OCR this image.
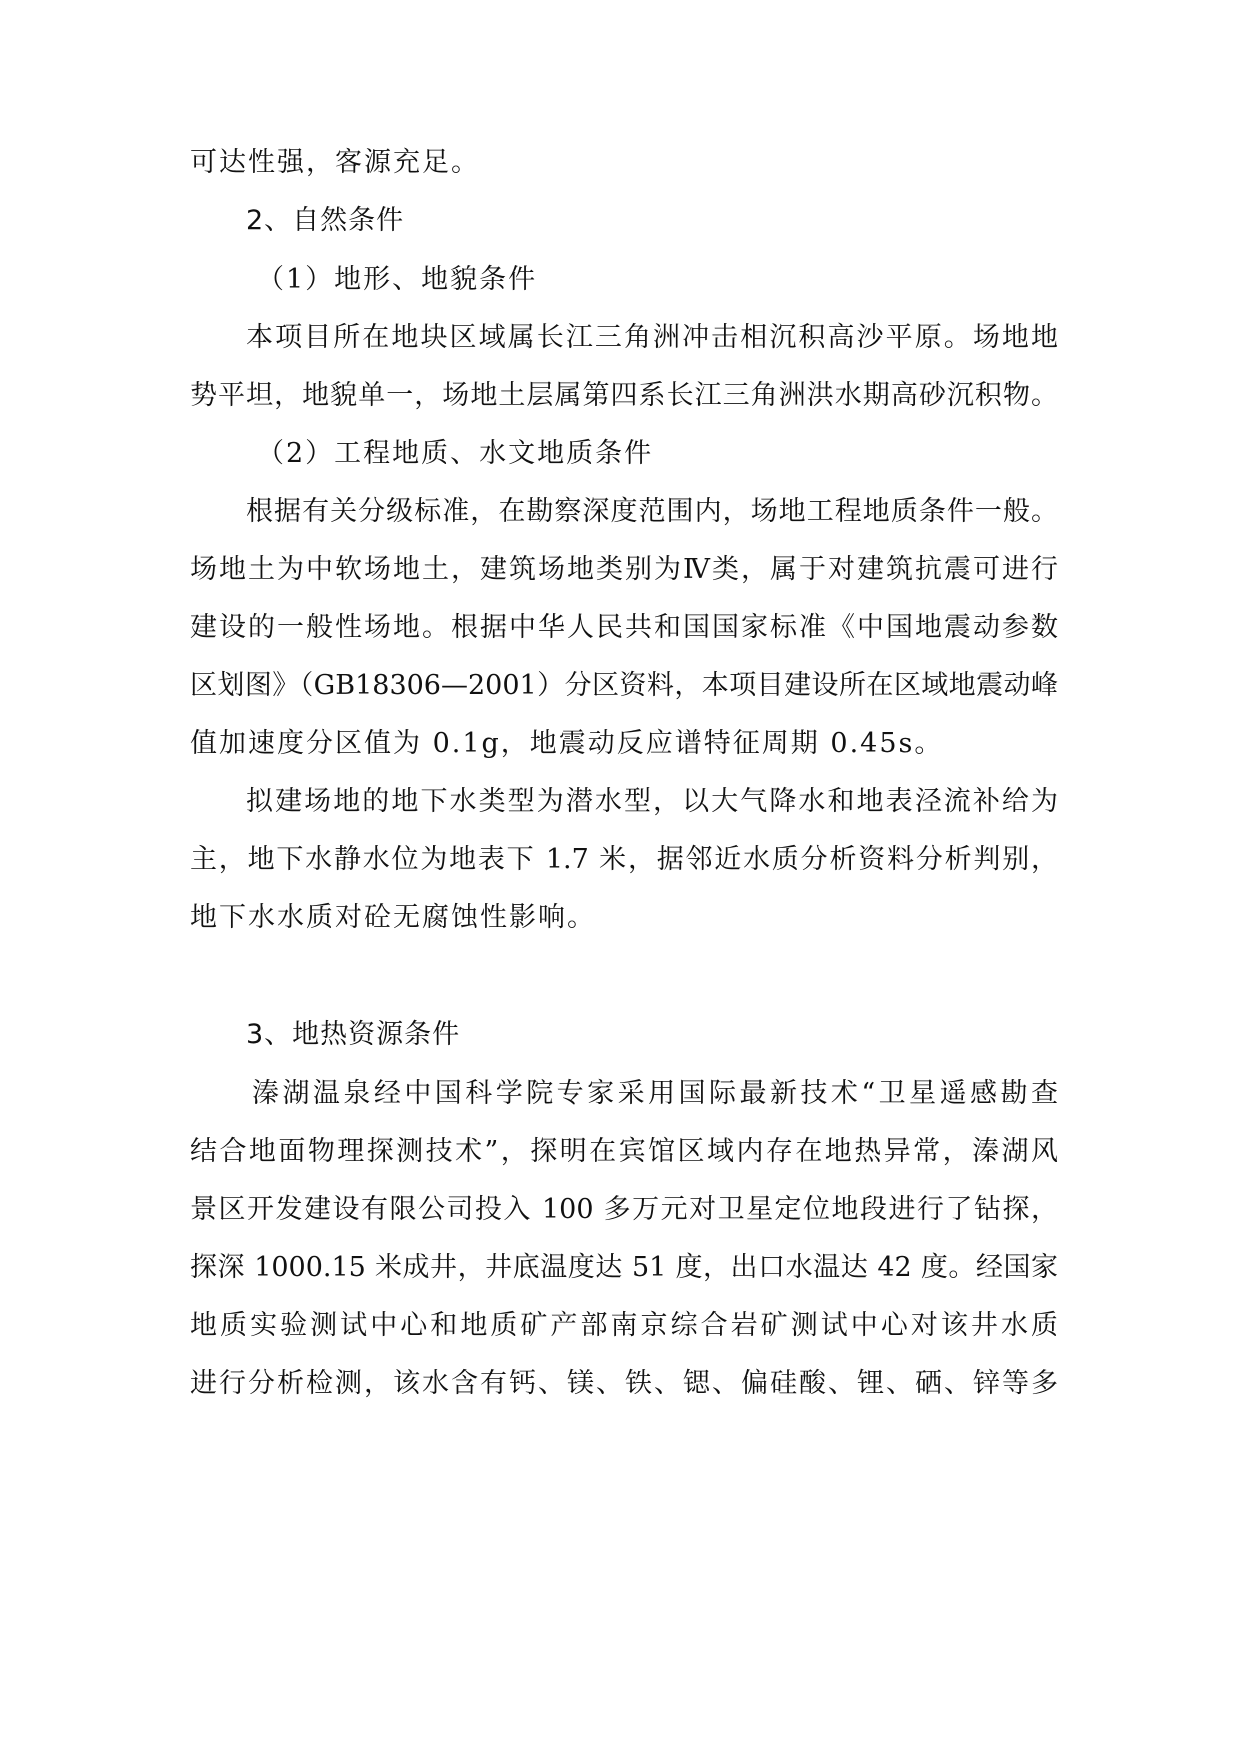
可达性强，客源充足。
2、自然条件
（1）地形、地貌条件
本项目所在地块区域属长江三角洲冲击相沉积高沙平原。场地地
势平坦，地貌单一，场地土层属第四系长江三角洲洪水期高砂沉积物。
（2）工程地质、水文地质条件
根据有关分级标准，在勘察深度范围内，场地工程地质条件一般。
场地土为中软场地土，建筑场地类别为Ⅳ类，属于对建筑抗震可进行
建设的一般性场地。根据中华人民共和国国家标准《中国地震动参数
区划图》（GB18306—2001）分区资料，本项目建设所在区域地震动峰
值加速度分区值为 0.1g，地震动反应谱特征周期 0.45s。
拟建场地的地下水类型为潜水型，以大气降水和地表泾流补给为
主，地下水静水位为地表下 1.7 米，据邻近水质分析资料分析判别，
地下水水质对砼无腐蚀性影响。
3、地热资源条件
溱湖温泉经中国科学院专家采用国际最新技术“卫星遥感勘查
结合地面物理探测技术”，探明在宾馆区域内存在地热异常，溱湖风
景区开发建设有限公司投入 100 多万元对卫星定位地段进行了钻探，
探深 1000.15 米成井，井底温度达 51 度，出口水温达 42 度。经国家
地质实验测试中心和地质矿产部南京综合岩矿测试中心对该井水质
进行分析检测，该水含有钙、镁、铁、锶、偏硅酸、锂、硒、锌等多
